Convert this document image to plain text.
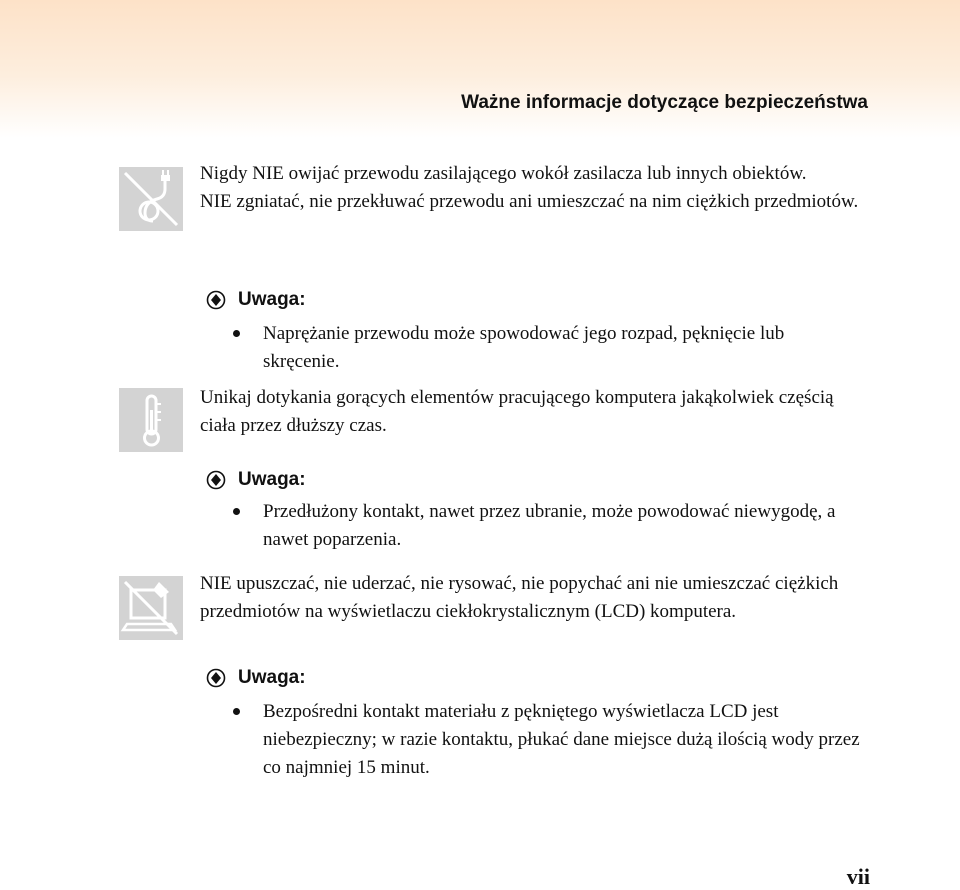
Ważne informacje dotyczące bezpieczeństwa
Nigdy NIE owijać przewodu zasilającego wokół zasilacza lub innych obiektów.
NIE zgniatać, nie przekłuwać przewodu ani umieszczać na nim ciężkich przedmiotów.
Uwaga:

Naprężanie przewodu może spowodować jego rozpad, pęknięcie lub skręcenie.

Unikaj dotykania gorących elementów pracującego komputera jakąkolwiek częścią ciała przez dłuższy czas.
Uwaga:

Przedłużony kontakt, nawet przez ubranie, może powodować niewygodę, a nawet poparzenia.

NIE upuszczać, nie uderzać, nie rysować, nie popychać ani nie umieszczać ciężkich przedmiotów na wyświetlaczu ciekłokrystalicznym (LCD) komputera.
Uwaga:

Bezpośredni kontakt materiału z pękniętego wyświetlacza LCD jest niebezpieczny; w razie kontaktu, płukać dane miejsce dużą ilością wody przez co najmniej 15 minut.

vii
